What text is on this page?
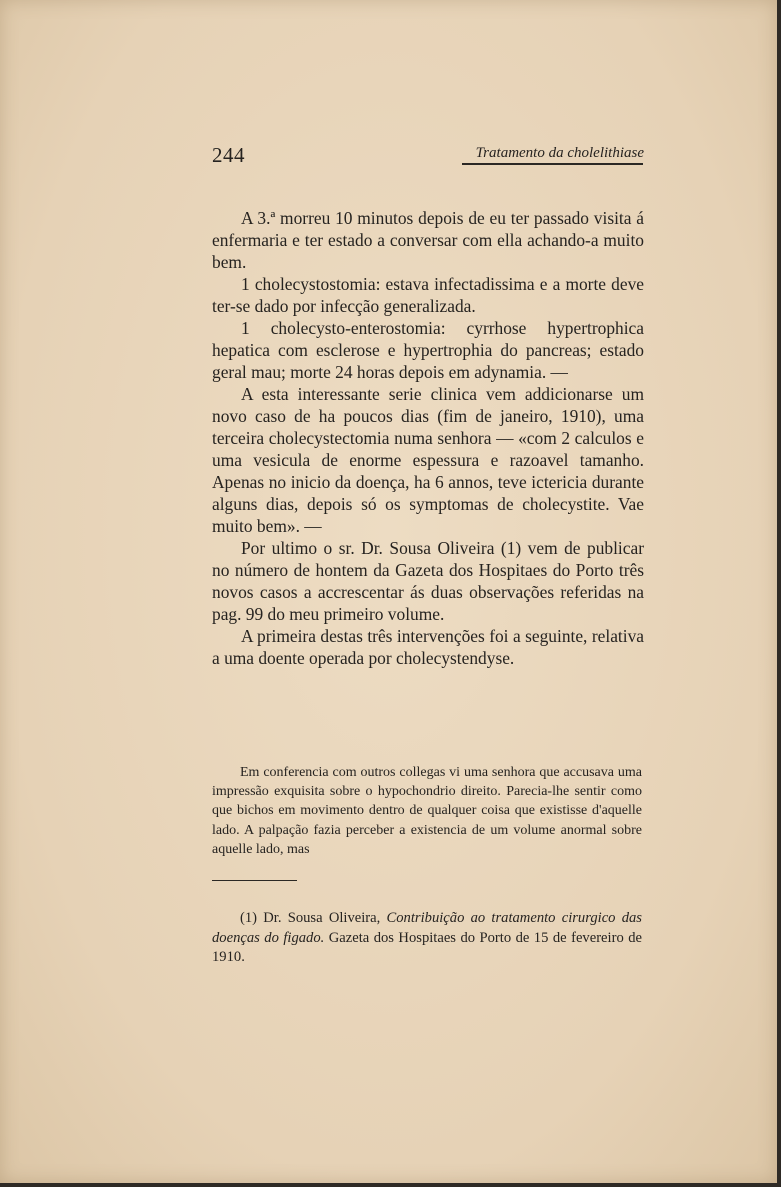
244	Tratamento da cholelithiase

A 3.ª morreu 10 minutos depois de eu ter passado visita á enfermaria e ter estado a conversar com ella achando-a muito bem.

1 cholecystostomia: estava infectadissima e a morte deve ter-se dado por infecção generalizada.

1 cholecysto-enterostomia: cyrrhose hypertrophica hepatica com esclerose e hypertrophia do pancreas; estado geral mau; morte 24 horas depois em adynamia. —

A esta interessante serie clinica vem addicionarse um novo caso de ha poucos dias (fim de janeiro, 1910), uma terceira cholecystectomia numa senhora — «com 2 calculos e uma vesicula de enorme espessura e razoavel tamanho. Apenas no inicio da doença, ha 6 annos, teve ictericia durante alguns dias, depois só os symptomas de cholecystite. Vae muito bem». —

Por ultimo o sr. Dr. Sousa Oliveira (1) vem de publicar no número de hontem da Gazeta dos Hospitaes do Porto três novos casos a accrescentar ás duas observações referidas na pag. 99 do meu primeiro volume.

A primeira destas três intervenções foi a seguinte, relativa a uma doente operada por cholecystendyse.

Em conferencia com outros collegas vi uma senhora que accusava uma impressão exquisita sobre o hypochondrio direito. Parecia-lhe sentir como que bichos em movimento dentro de qualquer coisa que existisse d'aquelle lado. A palpação fazia perceber a existencia de um volume anormal sobre aquelle lado, mas

(1) Dr. Sousa Oliveira, Contribuição ao tratamento cirurgico das doenças do figado. Gazeta dos Hospitaes do Porto de 15 de fevereiro de 1910.
